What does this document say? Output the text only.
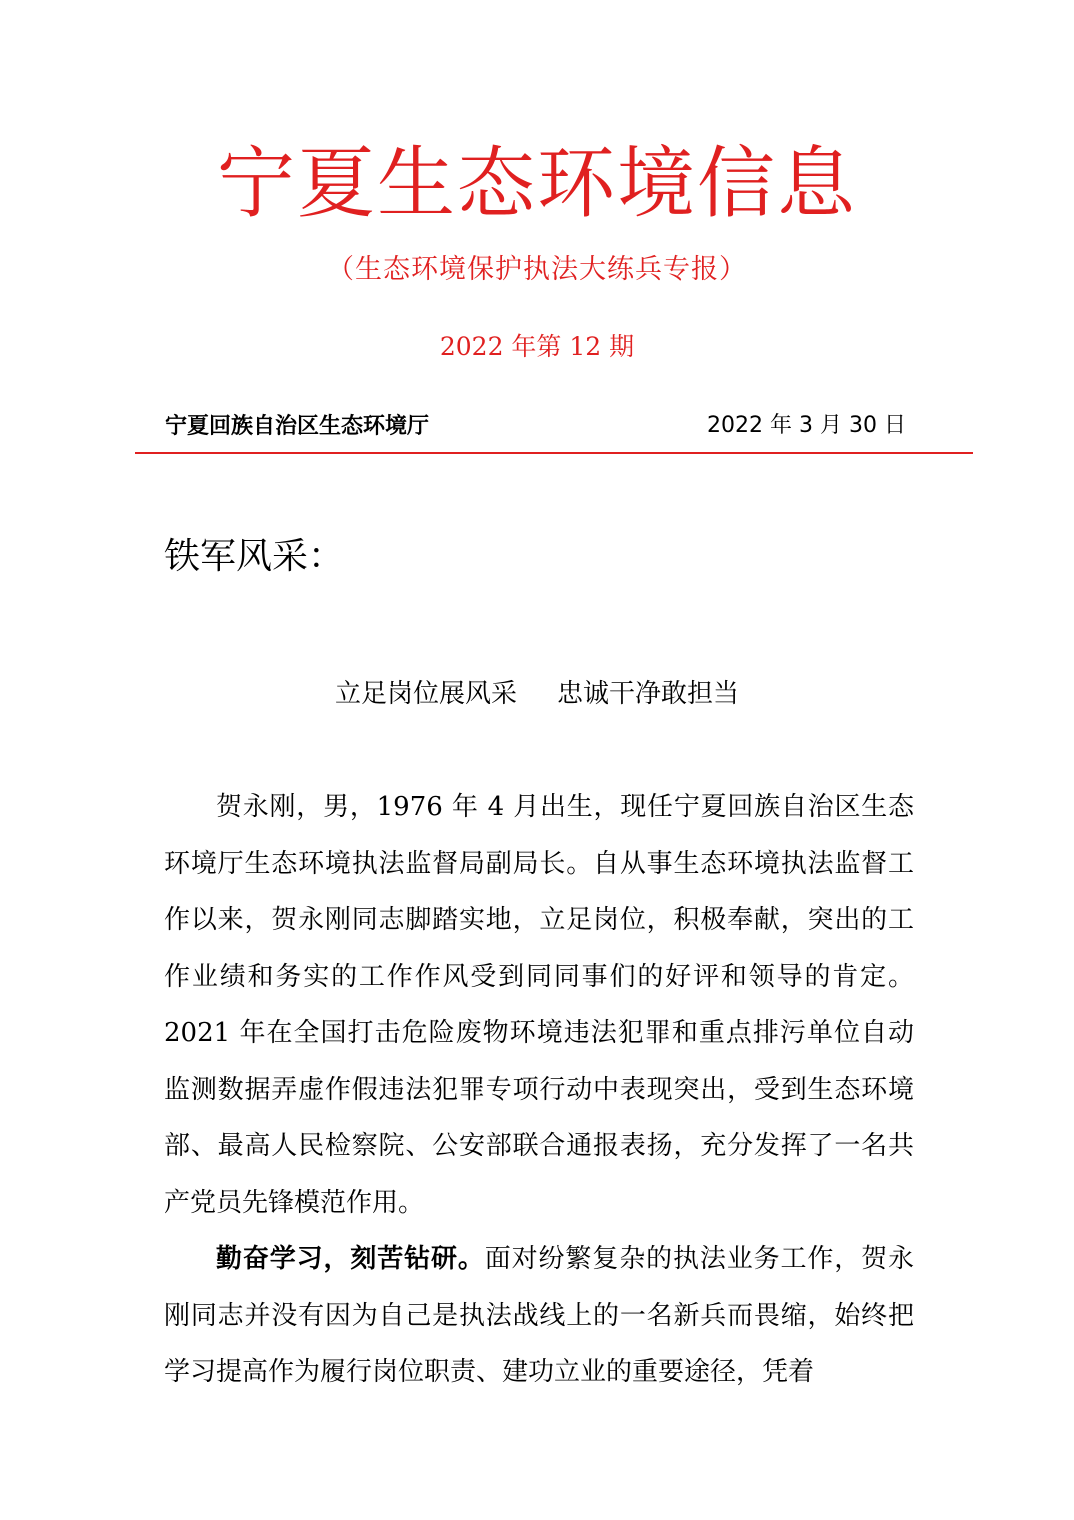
宁夏生态环境信息
（生态环境保护执法大练兵专报）
2022 年第 12 期
宁夏回族自治区生态环境厅	2022 年 3 月 30 日
铁军风采：
立足岗位展风采 忠诚干净敢担当

贺永刚，男，1976 年 4 月出生，现任宁夏回族自治区生态环境厅生态环境执法监督局副局长。自从事生态环境执法监督工作以来，贺永刚同志脚踏实地，立足岗位，积极奉献，突出的工作业绩和务实的工作作风受到同同事们的好评和领导的肯定。2021 年在全国打击危险废物环境违法犯罪和重点排污单位自动监测数据弄虚作假违法犯罪专项行动中表现突出，受到生态环境部、最高人民检察院、公安部联合通报表扬，充分发挥了一名共产党员先锋模范作用。

勤奋学习，刻苦钻研。面对纷繁复杂的执法业务工作，贺永刚同志并没有因为自己是执法战线上的一名新兵而畏缩，始终把学习提高作为履行岗位职责、建功立业的重要途径，凭着
